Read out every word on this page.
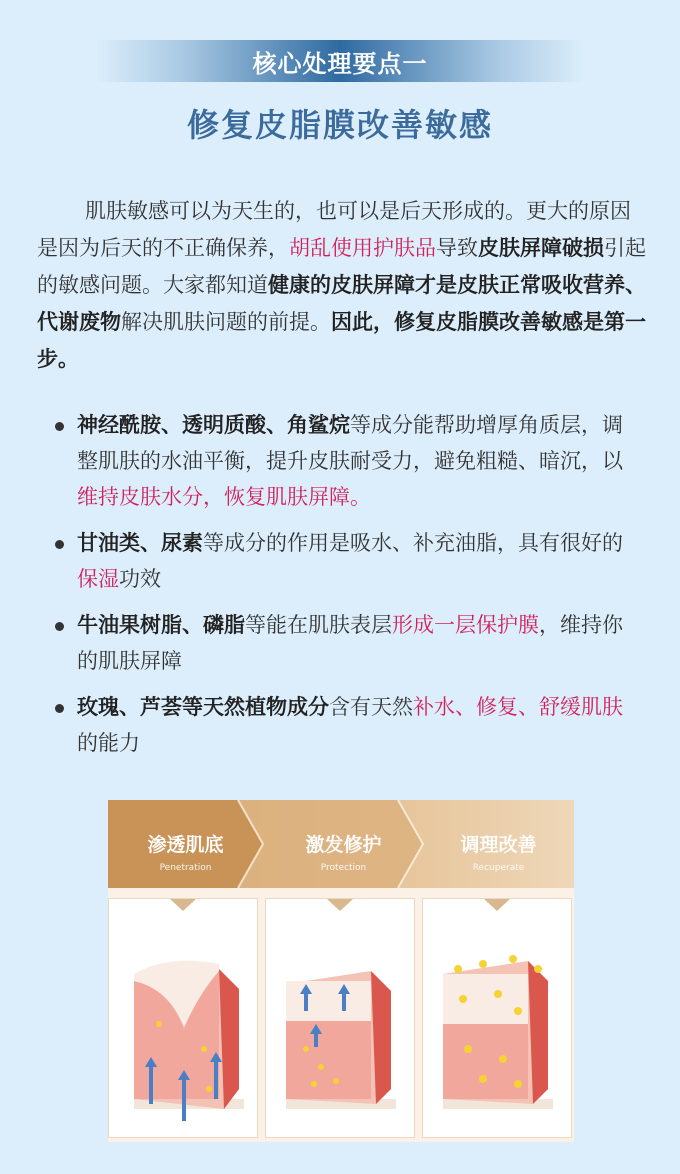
核心处理要点一
修复皮脂膜改善敏感
肌肤敏感可以为天生的，也可以是后天形成的。更大的原因是因为后天的不正确保养，胡乱使用护肤品导致皮肤屏障破损引起的敏感问题。大家都知道健康的皮肤屏障才是皮肤正常吸收营养、代谢废物解决肌肤问题的前提。因此，修复皮脂膜改善敏感是第一步。
神经酰胺、透明质酸、角鲨烷等成分能帮助增厚角质层，调整肌肤的水油平衡，提升皮肤耐受力，避免粗糙、暗沉，以维持皮肤水分，恢复肌肤屏障。
甘油类、尿素等成分的作用是吸水、补充油脂，具有很好的保湿功效
牛油果树脂、磷脂等能在肌肤表层形成一层保护膜，维持你的肌肤屏障
玫瑰、芦荟等天然植物成分含有天然补水、修复、舒缓肌肤的能力
渗透肌底
Penetration
激发修护
Protection
调理改善
Recuperate
